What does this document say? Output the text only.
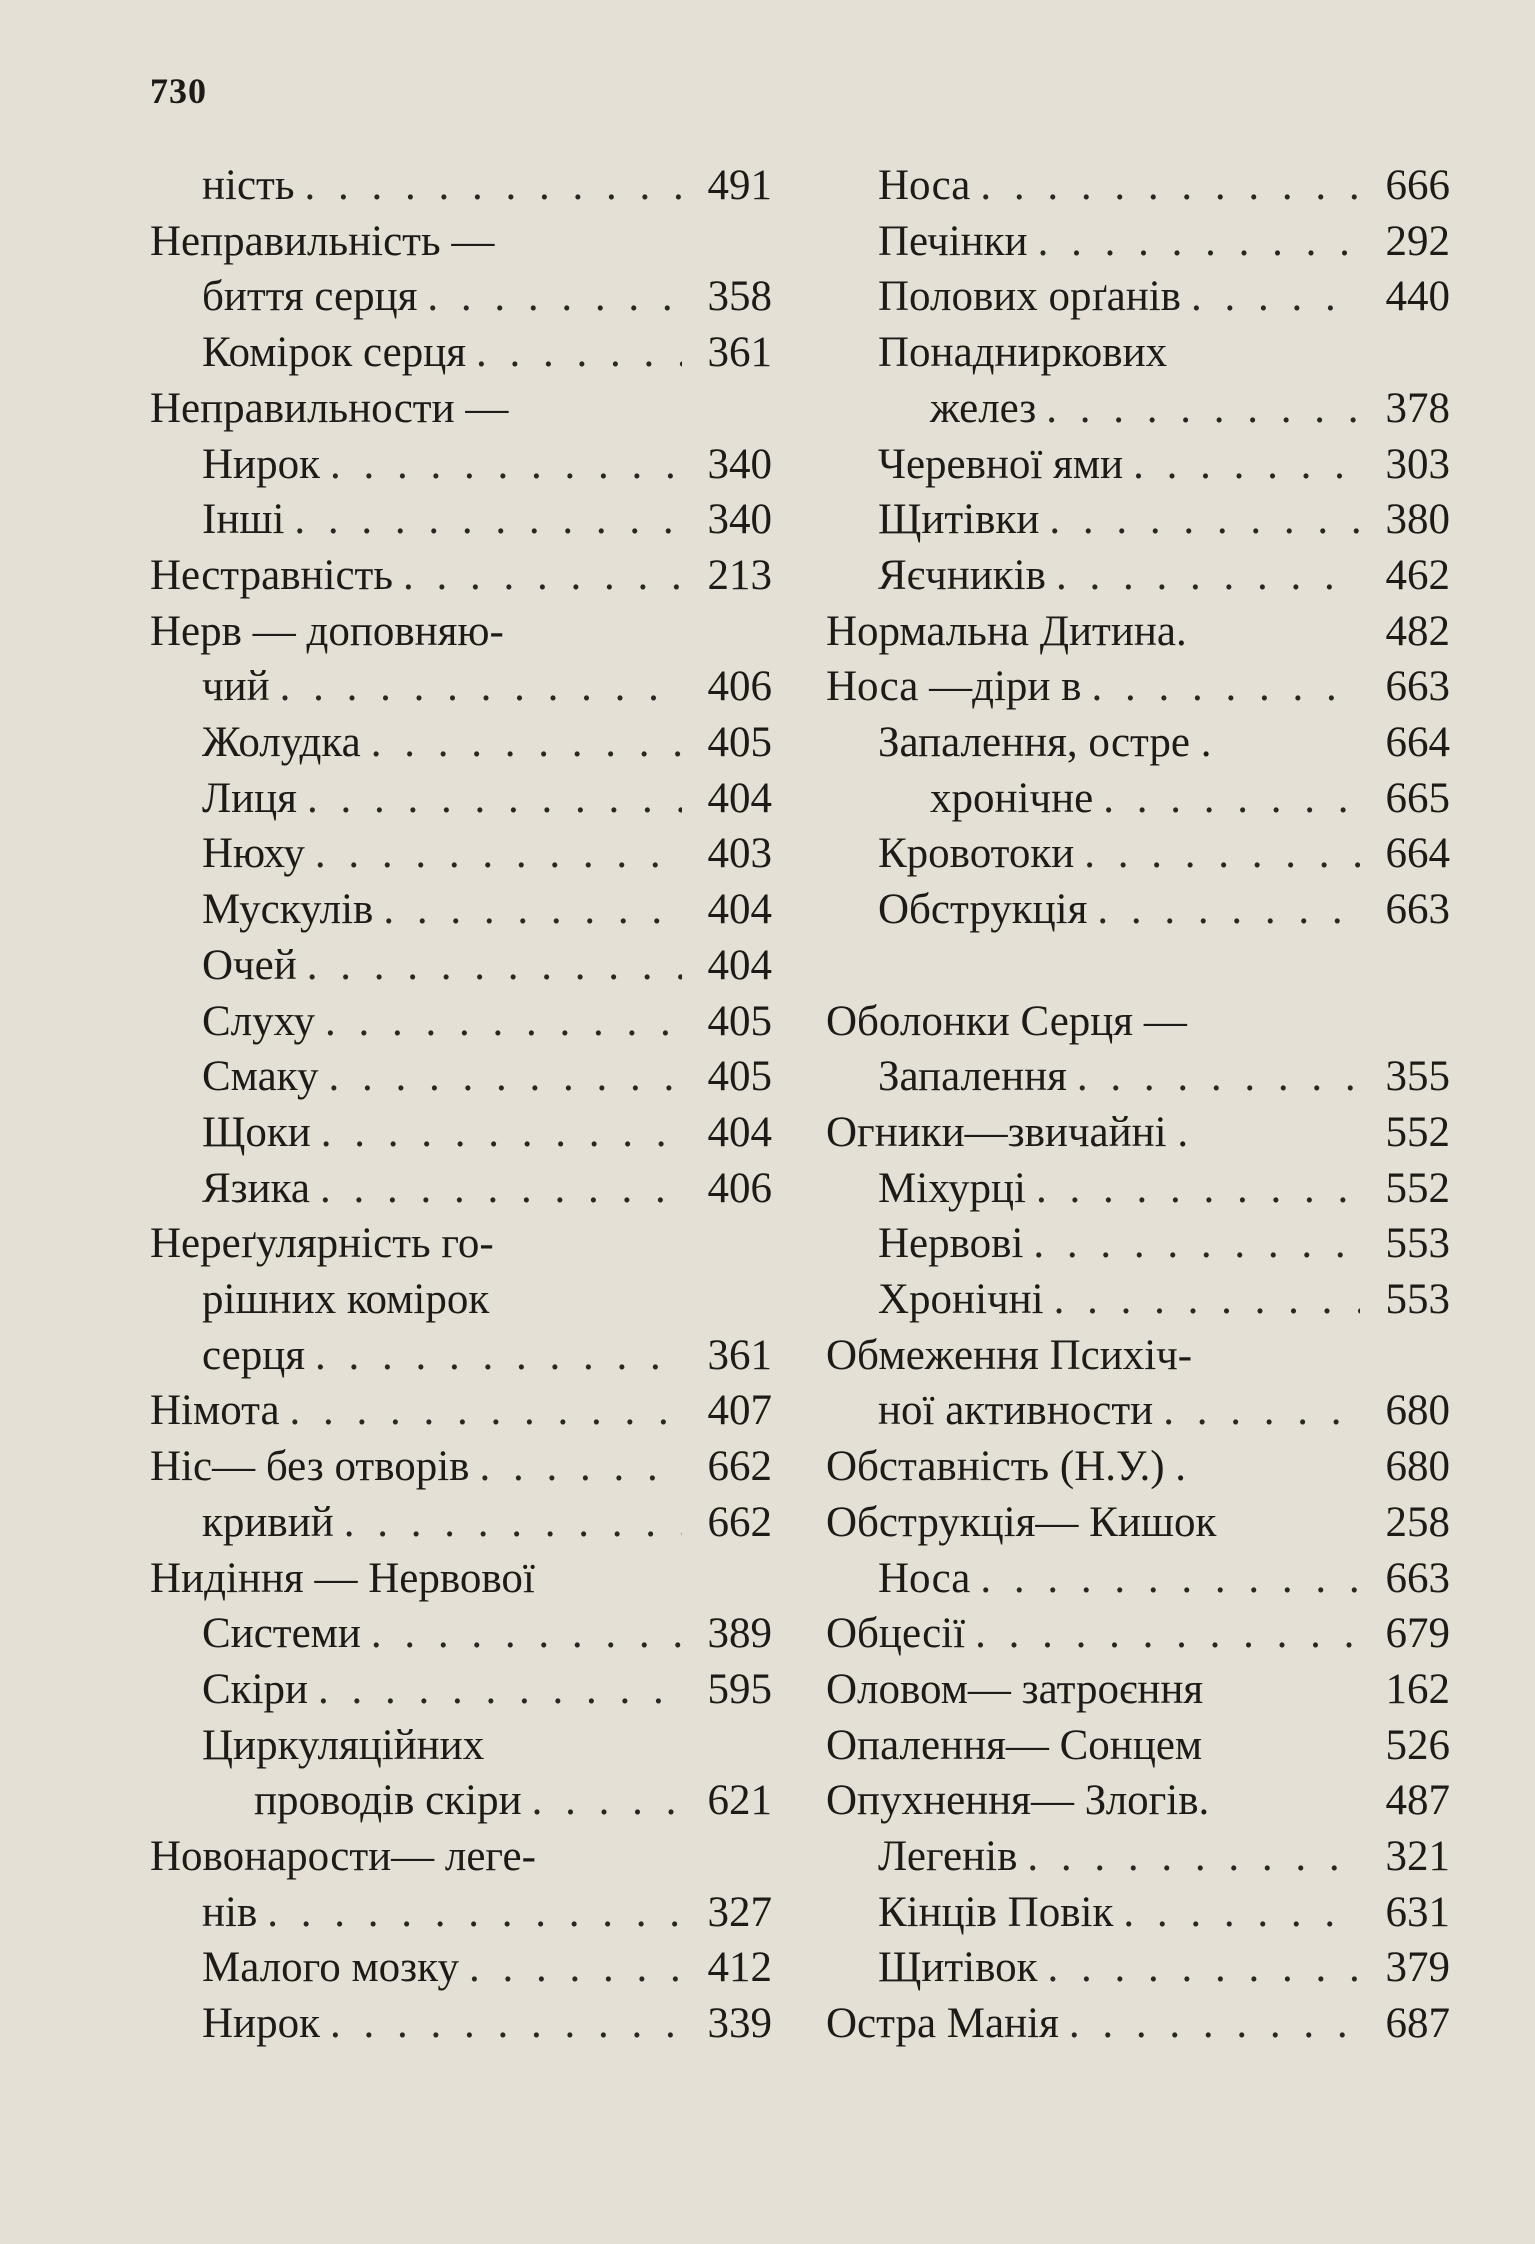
730
ність . . .	491
Неправильність —
биття серця . . .	358
Комірок серця . . .	361
Неправильности —
Нирок . . .	340
Інші . . .	340
Нестравність . . .	213
Нерв — доповняю-
чий . . .	406
Жолудка . . .	405
Лиця . . .	404
Нюху . . .	403
Мускулів . . .	404
Очей . . .	404
Слуху . . .	405
Смаку . . .	405
Щоки . . .	404
Язика . . .	406
Нереґулярність го-
рішних комірок
серця . . .	361
Німота . . .	407
Ніс— без отворів . . .	662
кривий . . .	662
Нидіння — Нервової
Системи . . .	389
Скіри . . .	595
Циркуляційних
проводів скіри . . .	621
Новонарости— леге-
нів . . .	327
Малого мозку . . .	412
Нирок . . .	339
Носа . . .	666
Печінки . . .	292
Полових орґанів . . .	440
Понадниркових
желез . . .	378
Черевної ями . . .	303
Щитівки . . .	380
Яєчників . . .	462
Нормальна Дитина.	482
Носа —діри в . . .	663
Запалення, остре .	664
хронічне . . .	665
Кровотоки . . .	664
Обструкція . . .	663
Оболонки Серця —
Запалення . . .	355
Огники—звичайні .	552
Міхурці . . .	552
Нервові . . .	553
Хронічні . . .	553
Обмеження Психіч-
ної активности . . .	680
Обставність (Н.У.) .	680
Обструкція— Кишок	258
Носа . . .	663
Обцесії . . .	679
Оловом— затроєння	162
Опалення— Сонцем	526
Опухнення— Злогів.	487
Легенів . . .	321
Кінців Повік . . .	631
Щитівок . . .	379
Остра Манія . . .	687
